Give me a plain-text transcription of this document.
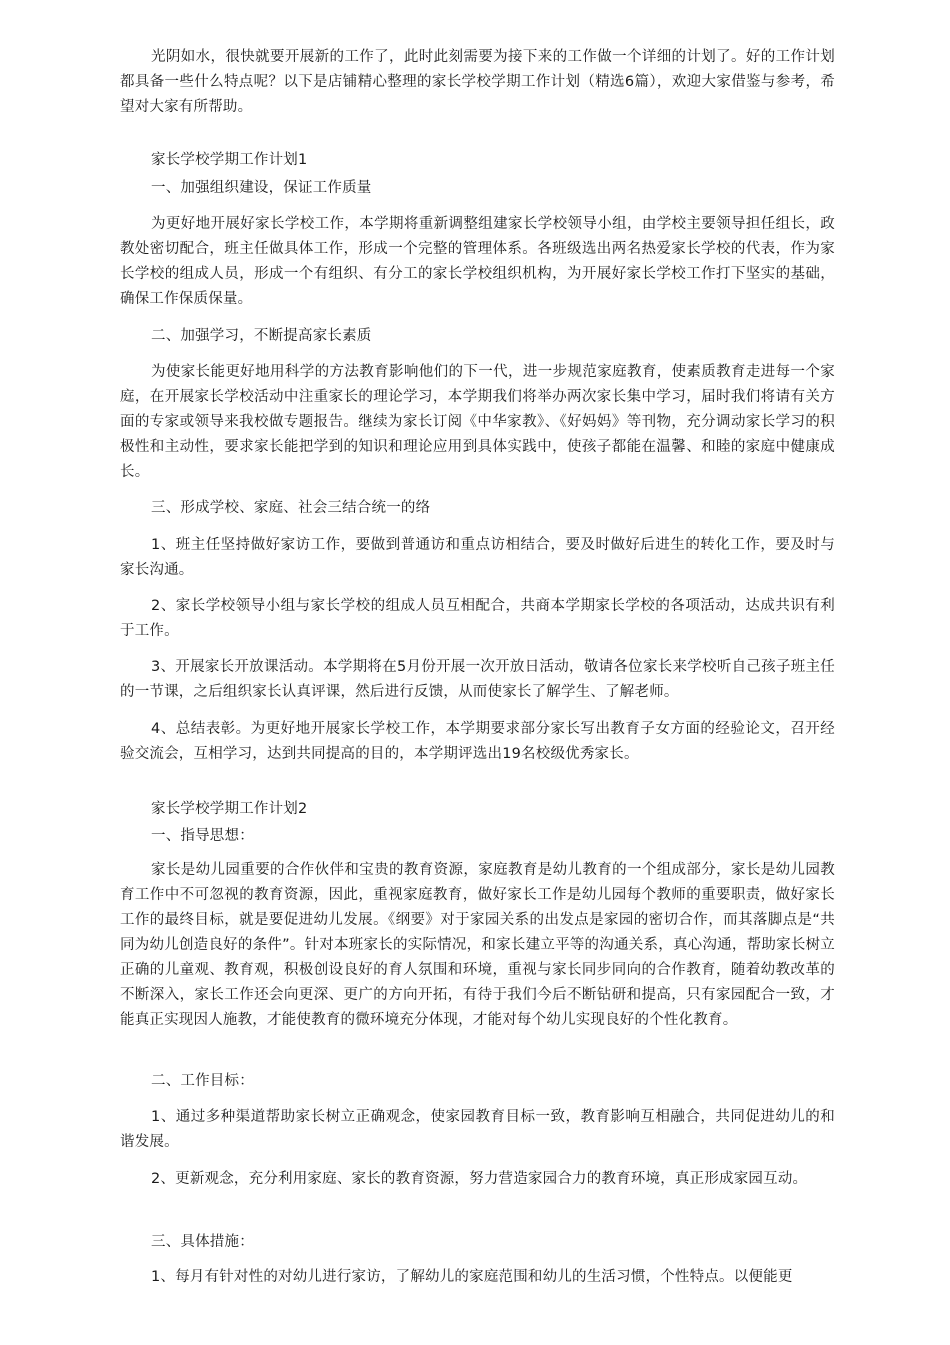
光阴如水，很快就要开展新的工作了，此时此刻需要为接下来的工作做一个详细的计划了。好的工作计划都具备一些什么特点呢？以下是店铺精心整理的家长学校学期工作计划（精选6篇），欢迎大家借鉴与参考，希望对大家有所帮助。

家长学校学期工作计划1
一、加强组织建设，保证工作质量

为更好地开展好家长学校工作，本学期将重新调整组建家长学校领导小组，由学校主要领导担任组长，政教处密切配合，班主任做具体工作，形成一个完整的管理体系。各班级选出两名热爱家长学校的代表，作为家长学校的组成人员，形成一个有组织、有分工的家长学校组织机构，为开展好家长学校工作打下坚实的基础，确保工作保质保量。

二、加强学习，不断提高家长素质

为使家长能更好地用科学的方法教育影响他们的下一代，进一步规范家庭教育，使素质教育走进每一个家庭，在开展家长学校活动中注重家长的理论学习，本学期我们将举办两次家长集中学习，届时我们将请有关方面的专家或领导来我校做专题报告。继续为家长订阅《中华家教》、《好妈妈》等刊物，充分调动家长学习的积极性和主动性，要求家长能把学到的知识和理论应用到具体实践中，使孩子都能在温馨、和睦的家庭中健康成长。

三、形成学校、家庭、社会三结合统一的络

1、班主任坚持做好家访工作，要做到普通访和重点访相结合，要及时做好后进生的转化工作，要及时与家长沟通。

2、家长学校领导小组与家长学校的组成人员互相配合，共商本学期家长学校的各项活动，达成共识有利于工作。

3、开展家长开放课活动。本学期将在5月份开展一次开放日活动，敬请各位家长来学校听自己孩子班主任的一节课，之后组织家长认真评课，然后进行反馈，从而使家长了解学生、了解老师。

4、总结表彰。为更好地开展家长学校工作，本学期要求部分家长写出教育子女方面的经验论文，召开经验交流会，互相学习，达到共同提高的目的，本学期评选出19名校级优秀家长。

家长学校学期工作计划2
一、指导思想：

家长是幼儿园重要的合作伙伴和宝贵的教育资源，家庭教育是幼儿教育的一个组成部分，家长是幼儿园教育工作中不可忽视的教育资源，因此，重视家庭教育，做好家长工作是幼儿园每个教师的重要职责，做好家长工作的最终目标，就是要促进幼儿发展。《纲要》对于家园关系的出发点是家园的密切合作，而其落脚点是“共同为幼儿创造良好的条件”。针对本班家长的实际情况，和家长建立平等的沟通关系，真心沟通，帮助家长树立正确的儿童观、教育观，积极创设良好的育人氛围和环境，重视与家长同步同向的合作教育，随着幼教改革的不断深入，家长工作还会向更深、更广的方向开拓，有待于我们今后不断钻研和提高，只有家园配合一致，才能真正实现因人施教，才能使教育的微环境充分体现，才能对每个幼儿实现良好的个性化教育。

二、工作目标：

1、通过多种渠道帮助家长树立正确观念，使家园教育目标一致，教育影响互相融合，共同促进幼儿的和谐发展。

2、更新观念，充分利用家庭、家长的教育资源，努力营造家园合力的教育环境，真正形成家园互动。

三、具体措施：

1、每月有针对性的对幼儿进行家访，了解幼儿的家庭范围和幼儿的生活习惯，个性特点。以便能更
